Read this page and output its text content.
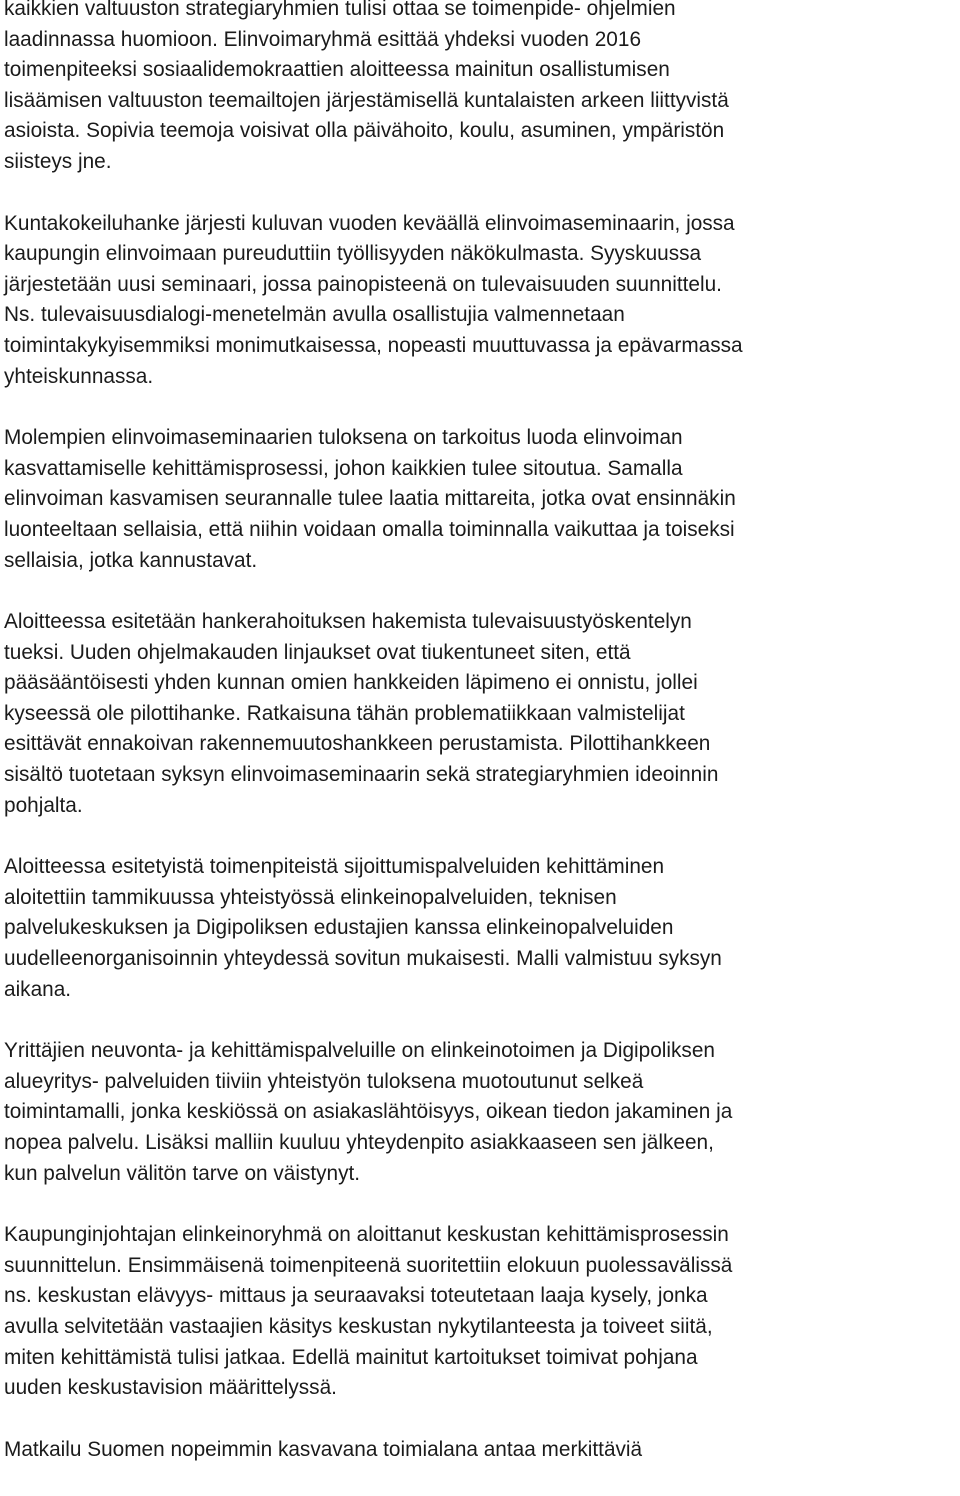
kaikkien valtuuston strategiaryhmien tulisi ottaa se toimenpide- ohjelmien
laadinnassa huomioon. Elinvoimaryhmä esittää yhdeksi vuoden 2016
toimenpiteeksi sosiaalidemokraattien aloitteessa mainitun osallistumisen
lisäämisen valtuuston teemailtojen järjestämisellä kuntalaisten arkeen liittyvistä
asioista. Sopivia teemoja voisivat olla päivähoito, koulu, asuminen, ympäristön
siisteys jne.

Kuntakokeiluhanke järjesti kuluvan vuoden keväällä elinvoimaseminaarin, jossa
kaupungin elinvoimaan pureuduttiin työllisyyden näkökulmasta. Syyskuussa
järjestetään uusi seminaari, jossa painopisteenä on tulevaisuuden suunnittelu.
Ns. tulevaisuusdialogi-menetelmän avulla osallistujia valmennetaan
toimintakykyisemmiksi monimutkaisessa, nopeasti muuttuvassa ja epävarmassa
yhteiskunnassa.

Molempien elinvoimaseminaarien tuloksena on tarkoitus luoda elinvoiman
kasvattamiselle kehittämisprosessi, johon kaikkien tulee sitoutua. Samalla
elinvoiman kasvamisen seurannalle tulee laatia mittareita, jotka ovat ensinnäkin
luonteeltaan sellaisia, että niihin voidaan omalla toiminnalla vaikuttaa ja toiseksi
sellaisia, jotka kannustavat.

Aloitteessa esitetään hankerahoituksen hakemista tulevaisuustyöskentelyn
tueksi. Uuden ohjelmakauden linjaukset ovat tiukentuneet siten, että
pääsääntöisesti yhden kunnan omien hankkeiden läpimeno ei onnistu, jollei
kyseessä ole pilottihanke. Ratkaisuna tähän problematiikkaan valmistelijat
esittävät ennakoivan rakennemuutoshankkeen perustamista. Pilottihankkeen
sisältö tuotetaan syksyn elinvoimaseminaarin sekä strategiaryhmien ideoinnin
pohjalta.

Aloitteessa esitetyistä toimenpiteistä sijoittumispalveluiden kehittäminen
aloitettiin tammikuussa yhteistyössä elinkeinopalveluiden, teknisen
palvelukeskuksen ja Digipoliksen edustajien kanssa elinkeinopalveluiden
uudelleenorganisoinnin yhteydessä sovitun mukaisesti. Malli valmistuu syksyn
aikana.

Yrittäjien neuvonta- ja kehittämispalveluille on elinkeinotoimen ja Digipoliksen
alueyritys- palveluiden tiiviin yhteistyön tuloksena muotoutunut selkeä
toimintamalli, jonka keskiössä on asiakaslähtöisyys, oikean tiedon jakaminen ja
nopea palvelu. Lisäksi malliin kuuluu yhteydenpito asiakkaaseen sen jälkeen,
kun palvelun välitön tarve on väistynyt.

Kaupunginjohtajan elinkeinoryhmä on aloittanut keskustan kehittämisprosessin
suunnittelun. Ensimmäisenä toimenpiteenä suoritettiin elokuun puolessavälissä
ns. keskustan elävyys- mittaus ja seuraavaksi toteutetaan laaja kysely, jonka
avulla selvitetään vastaajien käsitys keskustan nykytilanteesta ja toiveet siitä,
miten kehittämistä tulisi jatkaa. Edellä mainitut kartoitukset toimivat pohjana
uuden keskustavision määrittelyssä.

Matkailu Suomen nopeimmin kasvavana toimialana antaa merkittäviä
